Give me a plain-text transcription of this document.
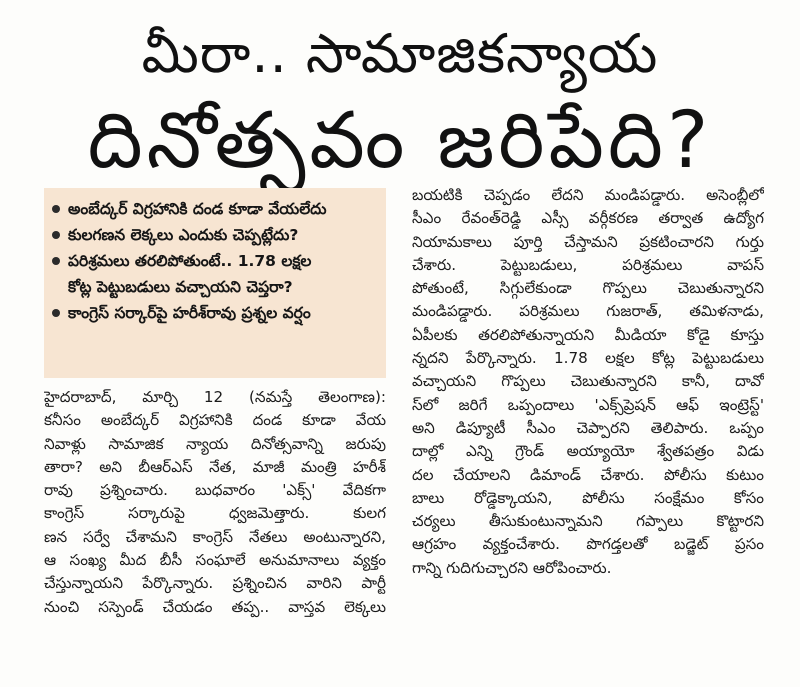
మీరా.. సామాజికన్యాయ
దినోత్సవం జరిపేది?
అంబేద్కర్ విగ్రహానికి దండ కూడా వేయలేదు
కులగణన లెక్కలు ఎందుకు చెప్పట్లేదు?
పరిశ్రమలు తరలిపోతుంటే.. 1.78 లక్షల
కోట్ల పెట్టుబడులు వచ్చాయని చెప్తరా?
కాంగ్రెస్ సర్కార్‌పై హరీశ్‌రావు ప్రశ్నల వర్షం
హైదరాబాద్, మార్చి 12 (నమస్తే తెలంగాణ):
కనీసం అంబేద్కర్ విగ్రహానికి దండ కూడా వేయ
నివాళ్లు సామాజిక న్యాయ దినోత్సవాన్ని జరుపు
తారా? అని బీఆర్‌ఎస్ నేత, మాజీ మంత్రి హరీశ్
రావు ప్రశ్నించారు. బుధవారం 'ఎక్స్' వేదికగా
కాంగ్రెస్ సర్కారుపై ధ్వజమెత్తారు. కులగ
ణన సర్వే చేశామని కాంగ్రెస్ నేతలు అంటున్నారని,
ఆ సంఖ్య మీద బీసీ సంఘాలే అనుమానాలు వ్యక్తం
చేస్తున్నాయని పేర్కొన్నారు. ప్రశ్నించిన వారిని పార్టీ
నుంచి సస్పెండ్ చేయడం తప్ప.. వాస్తవ లెక్కలు
బయటికి చెప్పడం లేదని మండిపడ్డారు. అసెంబ్లీలో
సీఎం రేవంత్‌రెడ్డి ఎస్సీ వర్గీకరణ తర్వాత ఉద్యోగ
నియామకాలు పూర్తి చేస్తామని ప్రకటించారని గుర్తు
చేశారు. పెట్టుబడులు, పరిశ్రమలు వాపస్
పోతుంటే, సిగ్గులేకుండా గొప్పలు చెబుతున్నారని
మండిపడ్డారు. పరిశ్రమలు గుజరాత్, తమిళనాడు,
ఏపీలకు తరలిపోతున్నాయని మీడియా కోడై కూస్తు
న్నదని పేర్కొన్నారు. 1.78 లక్షల కోట్ల పెట్టుబడులు
వచ్చాయని గొప్పలు చెబుతున్నారని కానీ, దావో
స్‌లో జరిగే ఒప్పందాలు 'ఎక్స్‌ప్రెషన్ ఆఫ్ ఇంట్రెస్ట్'
అని డిప్యూటీ సీఎం చెప్పారని తెలిపారు. ఒప్పం
దాల్లో ఎన్ని గ్రౌండ్ అయ్యాయో శ్వేతపత్రం విడు
దల చేయాలని డిమాండ్ చేశారు. పోలీసు కుటుం
బాలు రోడ్డెక్కాయని, పోలీసు సంక్షేమం కోసం
చర్యలు తీసుకుంటున్నామని గప్పాలు కొట్టారని
ఆగ్రహం వ్యక్తంచేశారు. పొగడ్తలతో బడ్జెట్ ప్రసం
గాన్ని గుదిగుచ్చారని ఆరోపించారు.
